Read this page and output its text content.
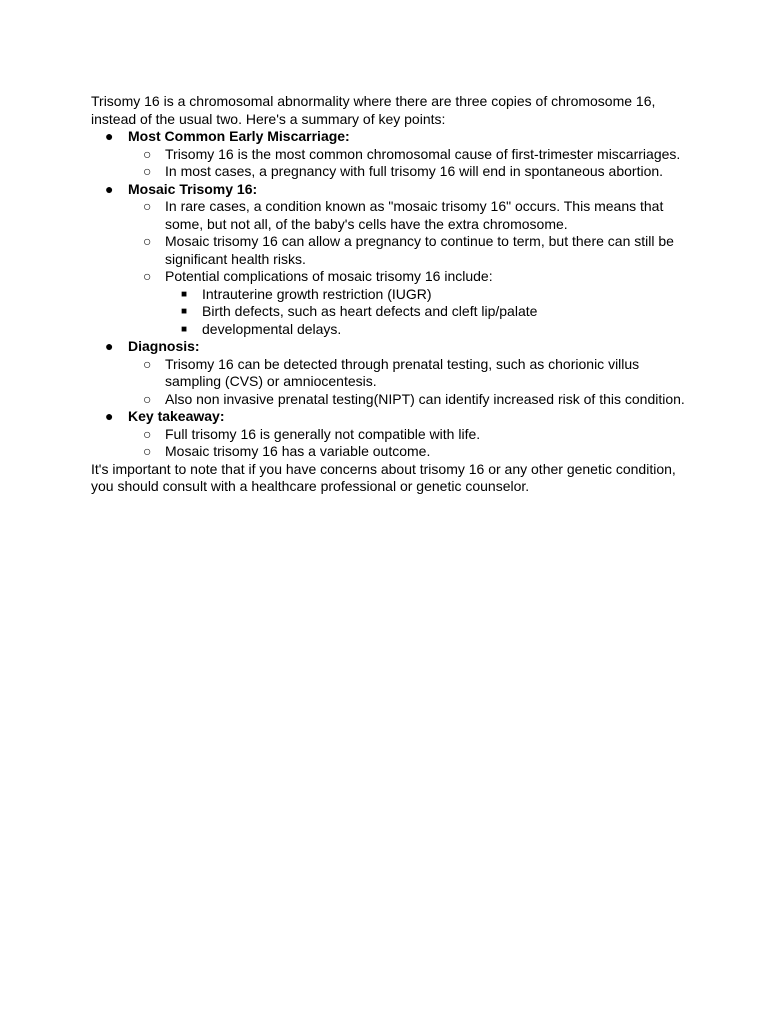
Trisomy 16 is a chromosomal abnormality where there are three copies of chromosome 16, instead of the usual two. Here's a summary of key points:

●	Most Common Early Miscarriage:
○ Trisomy 16 is the most common chromosomal cause of first-trimester miscarriages.
○ In most cases, a pregnancy with full trisomy 16 will end in spontaneous abortion.
●	Mosaic Trisomy 16:
○ In rare cases, a condition known as "mosaic trisomy 16" occurs. This means that some, but not all, of the baby's cells have the extra chromosome.
○ Mosaic trisomy 16 can allow a pregnancy to continue to term, but there can still be significant health risks.
○ Potential complications of mosaic trisomy 16 include:
■	Intrauterine growth restriction (IUGR)
■	Birth defects, such as heart defects and cleft lip/palate
■	developmental delays.
●	Diagnosis:
○ Trisomy 16 can be detected through prenatal testing, such as chorionic villus sampling (CVS) or amniocentesis.
○ Also non invasive prenatal testing(NIPT) can identify increased risk of this condition.
●	Key takeaway:
○ Full trisomy 16 is generally not compatible with life.
○ Mosaic trisomy 16 has a variable outcome.

It's important to note that if you have concerns about trisomy 16 or any other genetic condition, you should consult with a healthcare professional or genetic counselor.
